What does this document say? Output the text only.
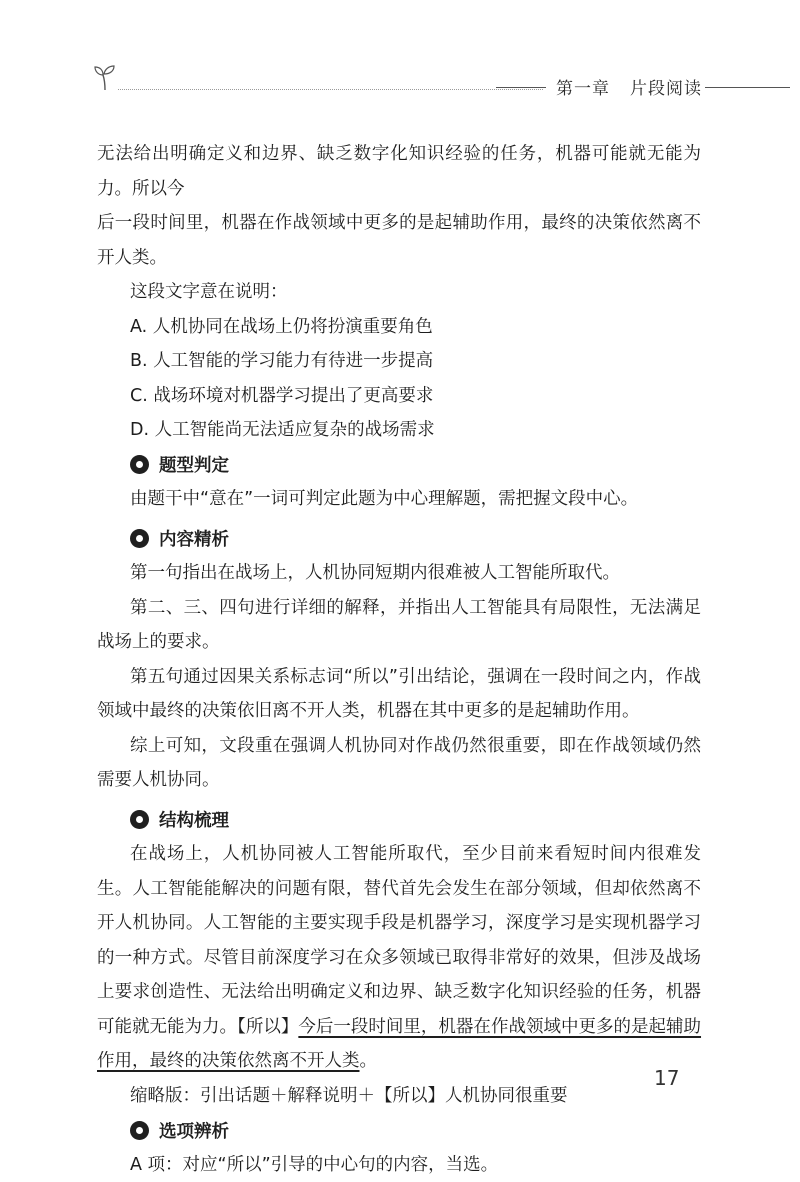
第一章 片段阅读

无法给出明确定义和边界、缺乏数字化知识经验的任务，机器可能就无能为力。所以今

后一段时间里，机器在作战领域中更多的是起辅助作用，最终的决策依然离不开人类。

这段文字意在说明：

A. 人机协同在战场上仍将扮演重要角色

B. 人工智能的学习能力有待进一步提高

C. 战场环境对机器学习提出了更高要求

D. 人工智能尚无法适应复杂的战场需求

题型判定

由题干中“意在”一词可判定此题为中心理解题，需把握文段中心。

内容精析

第一句指出在战场上，人机协同短期内很难被人工智能所取代。

第二、三、四句进行详细的解释，并指出人工智能具有局限性，无法满足战场上的要求。

第五句通过因果关系标志词“所以”引出结论，强调在一段时间之内，作战领域中最终的决策依旧离不开人类，机器在其中更多的是起辅助作用。

综上可知，文段重在强调人机协同对作战仍然很重要，即在作战领域仍然需要人机协同。

结构梳理

在战场上，人机协同被人工智能所取代，至少目前来看短时间内很难发生。人工智能能解决的问题有限，替代首先会发生在部分领域，但却依然离不开人机协同。人工智能的主要实现手段是机器学习，深度学习是实现机器学习的一种方式。尽管目前深度学习在众多领域已取得非常好的效果，但涉及战场上要求创造性、无法给出明确定义和边界、缺乏数字化知识经验的任务，机器可能就无能为力。【所以】今后一段时间里，机器在作战领域中更多的是起辅助作用，最终的决策依然离不开人类。

缩略版：引出话题＋解释说明＋【所以】人机协同很重要

选项辨析

A 项：对应“所以”引导的中心句的内容，当选。

17
